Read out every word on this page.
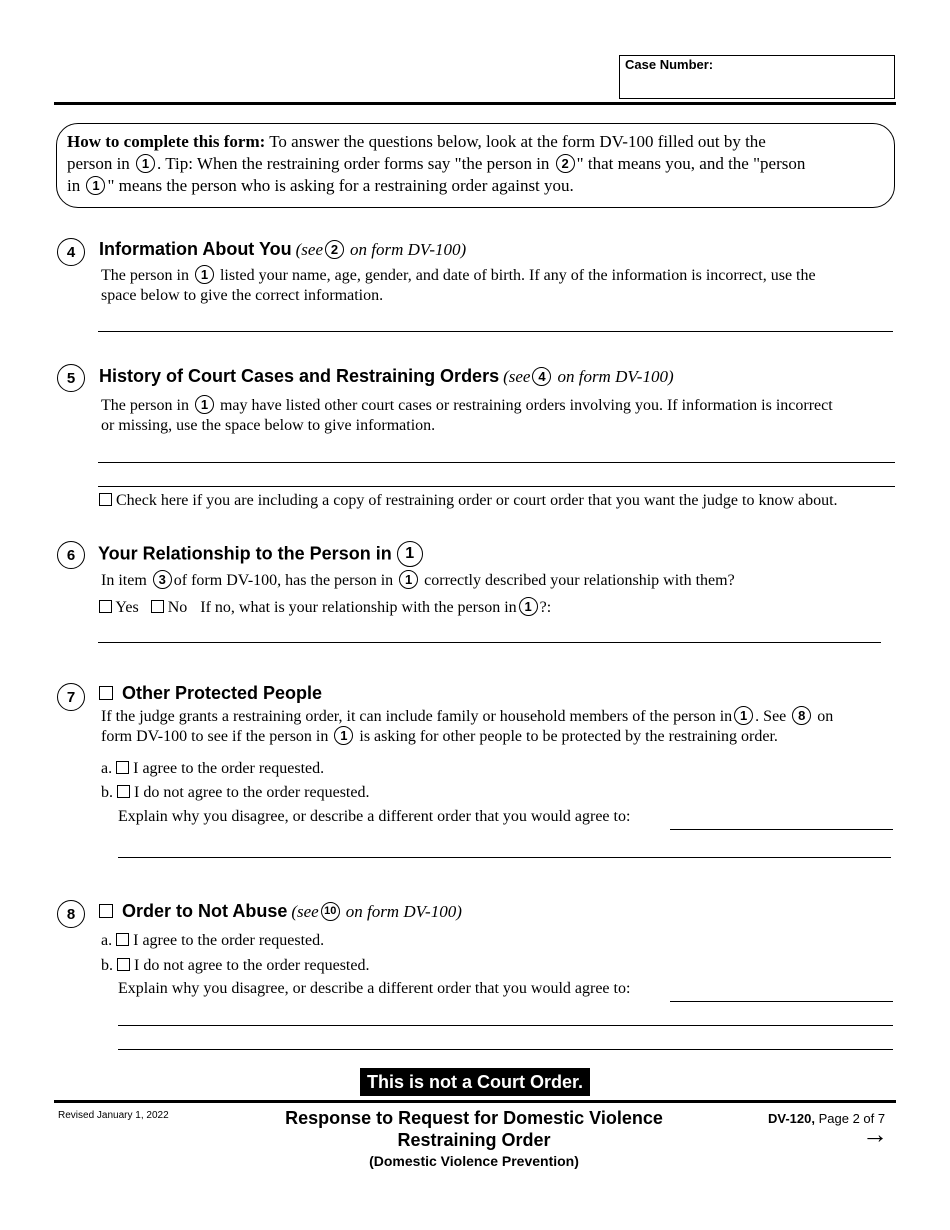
Case Number:
How to complete this form: To answer the questions below, look at the form DV-100 filled out by the
person in 1 . Tip: When the restraining order forms say "the person in 2 " that means you, and the "person
in 1 " means the person who is asking for a restraining order against you.
4	Information About You (see 2 on form DV-100)
The person in 1 listed your name, age, gender, and date of birth. If any of the information is incorrect, use the
space below to give the correct information.
5	History of Court Cases and Restraining Orders (see 4 on form DV-100)
The person in 1 may have listed other court cases or restraining orders involving you. If information is incorrect
or missing, use the space below to give information.
Check here if you are including a copy of restraining order or court order that you want the judge to know about.
6	Your Relationship to the Person in 1
In item 3 of form DV-100, has the person in 1 correctly described your relationship with them?
Yes No If no, what is your relationship with the person in 1 ?:
7	Other Protected People
If the judge grants a restraining order, it can include family or household members of the person in 1 . See 8 on
form DV-100 to see if the person in 1 is asking for other people to be protected by the restraining order.
a. I agree to the order requested.
b. I do not agree to the order requested.
Explain why you disagree, or describe a different order that you would agree to:
8	Order to Not Abuse (see 10 on form DV-100)
a. I agree to the order requested.
b. I do not agree to the order requested.
Explain why you disagree, or describe a different order that you would agree to:
This is not a Court Order.
Revised January 1, 2022	Response to Request for Domestic Violence
Restraining Order
(Domestic Violence Prevention)
DV-120, Page 2 of 7
→
